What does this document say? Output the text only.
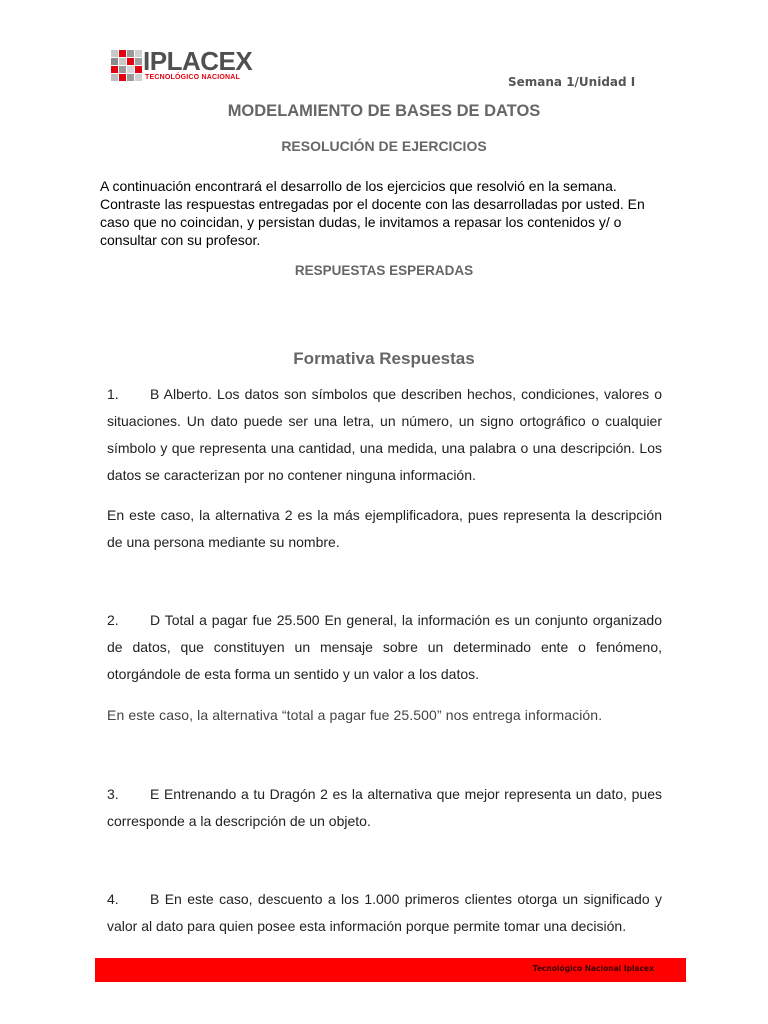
IPLACEX
TECNOLÓGICO NACIONAL	Semana 1/Unidad I
MODELAMIENTO DE BASES DE DATOS
RESOLUCIÓN DE EJERCICIOS

A continuación encontrará el desarrollo de los ejercicios que resolvió en la semana. Contraste las respuestas entregadas por el docente con las desarrolladas por usted. En caso que no coincidan, y persistan dudas, le invitamos a repasar los contenidos y/ o consultar con su profesor.

RESPUESTAS ESPERADAS
Formativa Respuestas

1. B Alberto. Los datos son símbolos que describen hechos, condiciones, valores o situaciones. Un dato puede ser una letra, un número, un signo ortográfico o cualquier símbolo y que representa una cantidad, una medida, una palabra o una descripción. Los datos se caracterizan por no contener ninguna información.

En este caso, la alternativa 2 es la más ejemplificadora, pues representa la descripción de una persona mediante su nombre.

2. D Total a pagar fue 25.500 En general, la información es un conjunto organizado de datos, que constituyen un mensaje sobre un determinado ente o fenómeno, otorgándole de esta forma un sentido y un valor a los datos.

En este caso, la alternativa “total a pagar fue 25.500” nos entrega información.

3. E Entrenando a tu Dragón 2 es la alternativa que mejor representa un dato, pues corresponde a la descripción de un objeto.

4. B En este caso, descuento a los 1.000 primeros clientes otorga un significado y valor al dato para quien posee esta información porque permite tomar una decisión.

Tecnológico Nacional Iplacex
